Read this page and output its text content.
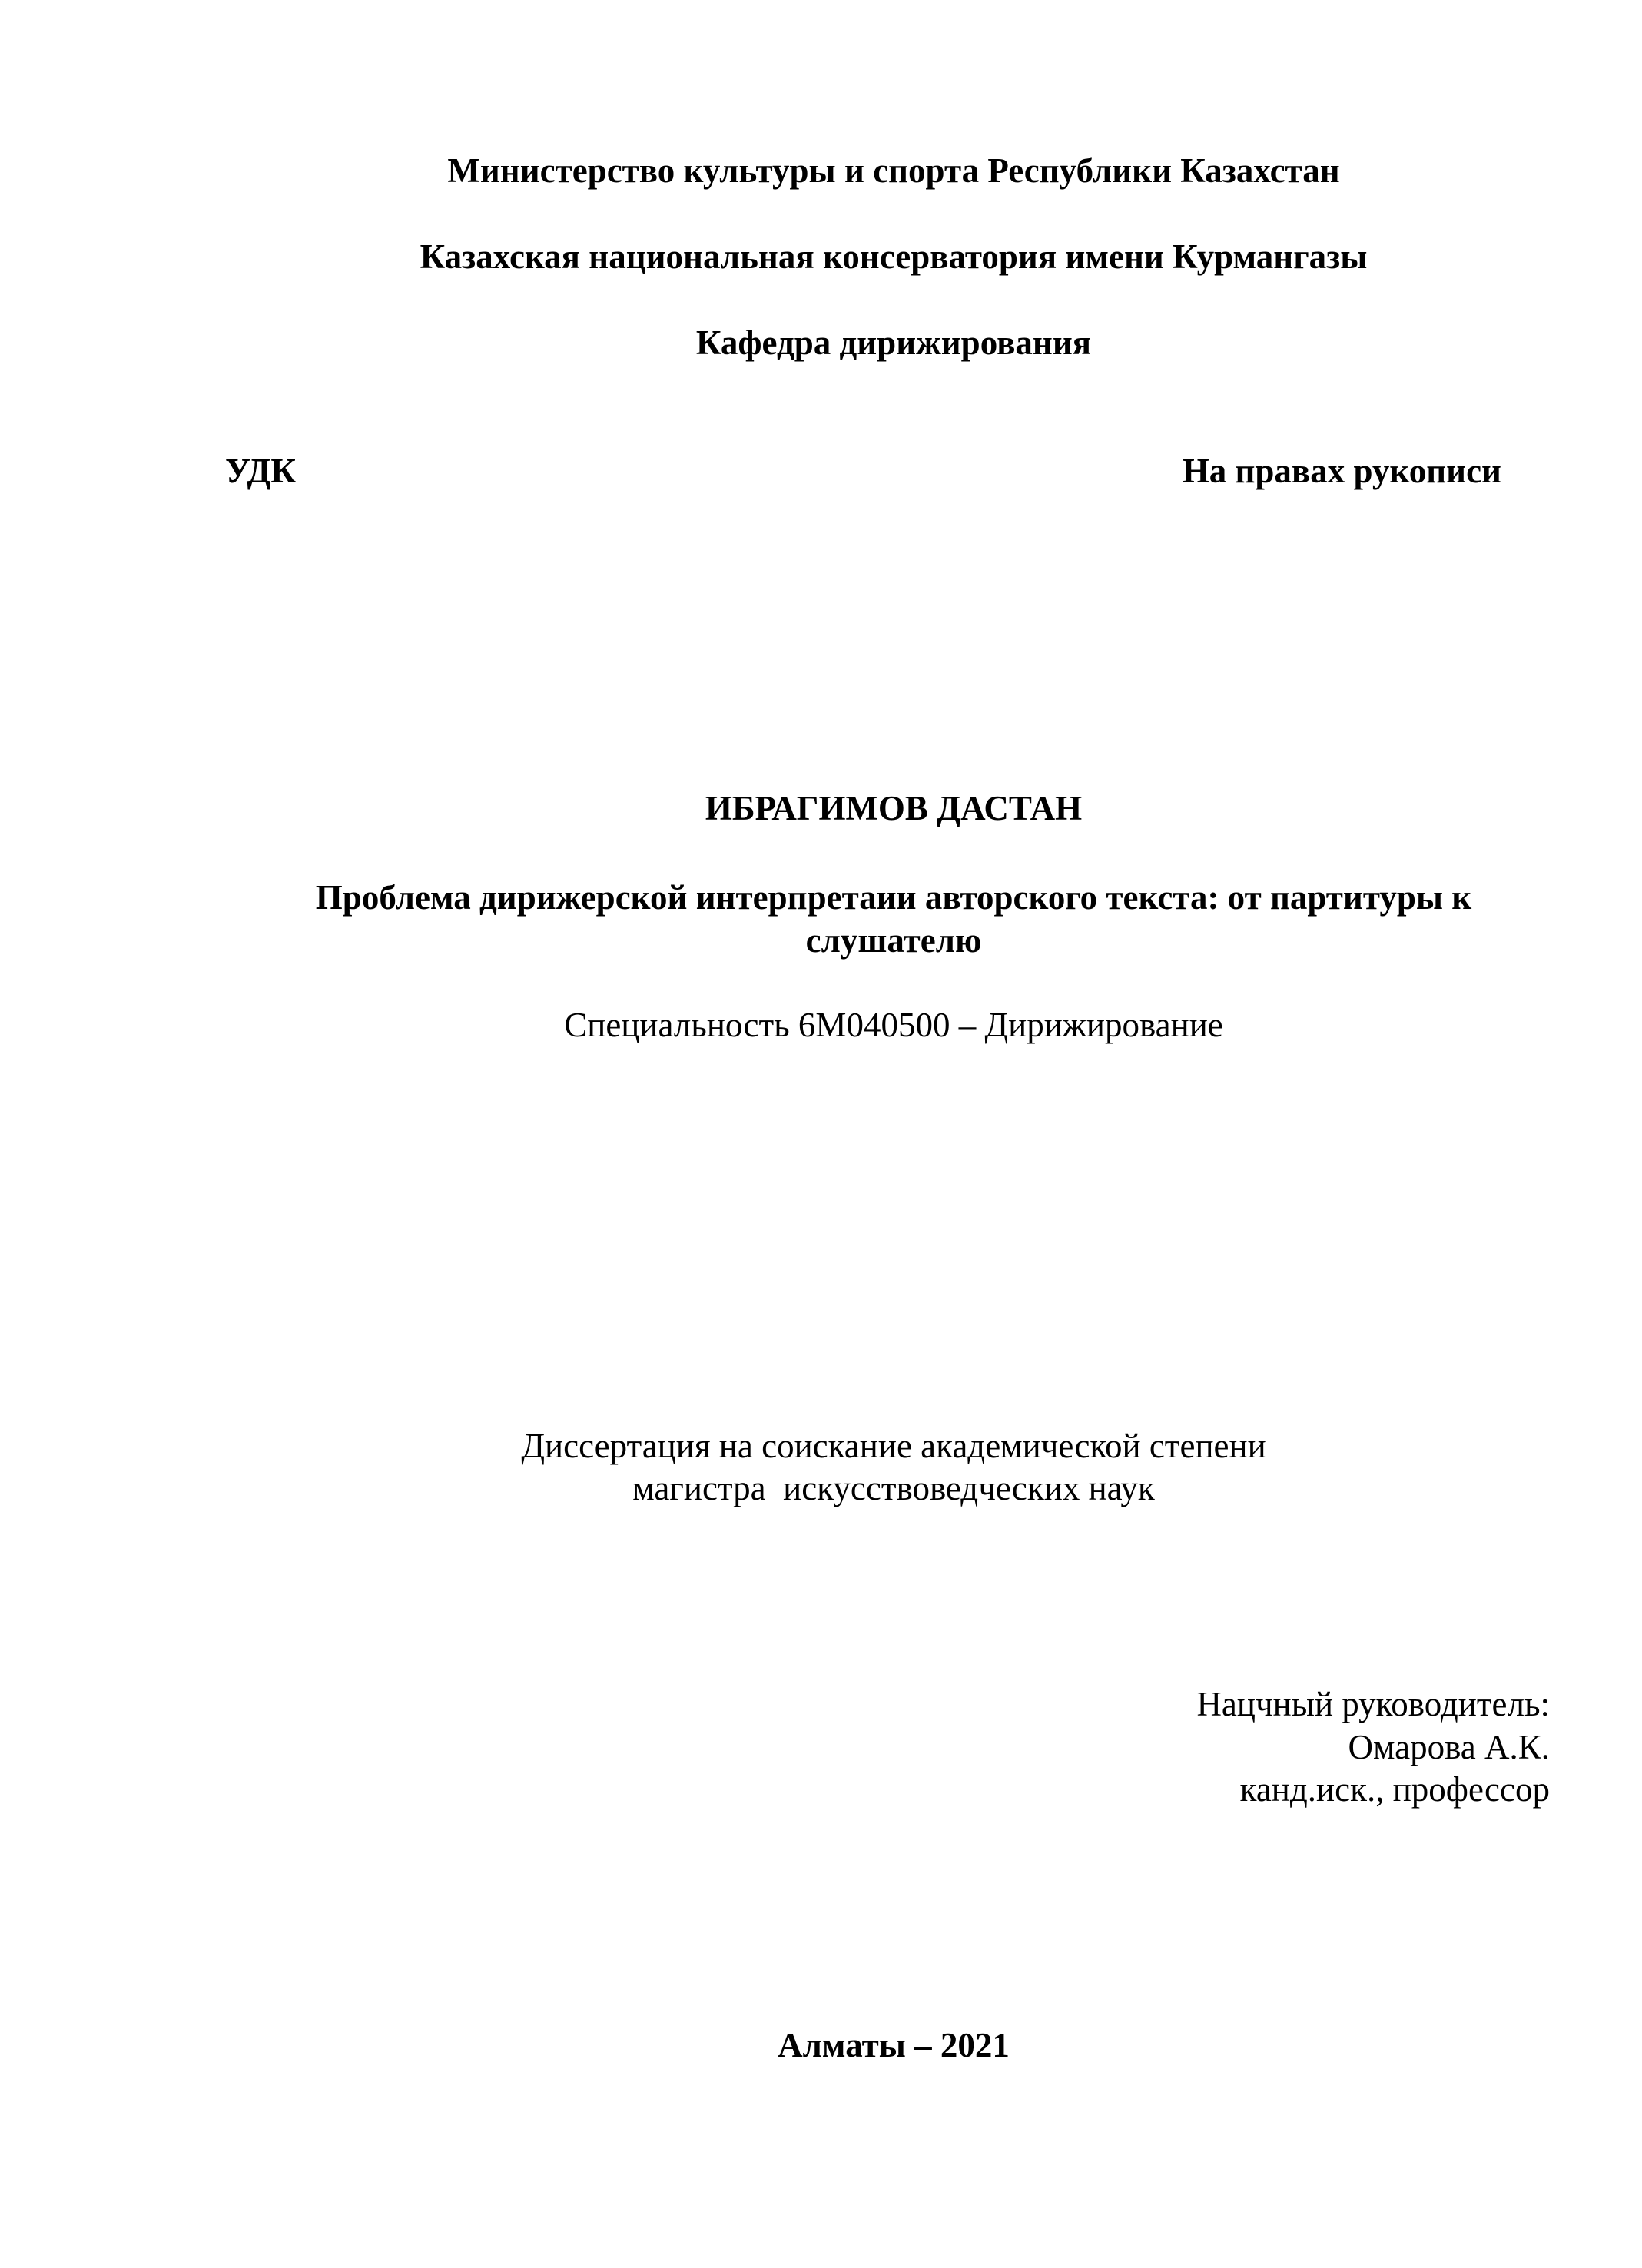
Министерство культуры и спорта Республики Казахстан
Казахская национальная консерватория имени Курмангазы
Кафедра дирижирования
УДК	На правах рукописи
ИБРАГИМОВ ДАСТАН
Проблема дирижерской интерпретаии авторского текста: от партитуры к
слушателю
Специальность 6М040500 – Дирижирование
Диссертация на соискание академической степени
магистра  искусствоведческих наук
Нацчный руководитель:
Омарова А.К.
канд.иск., профессор
Алматы – 2021
